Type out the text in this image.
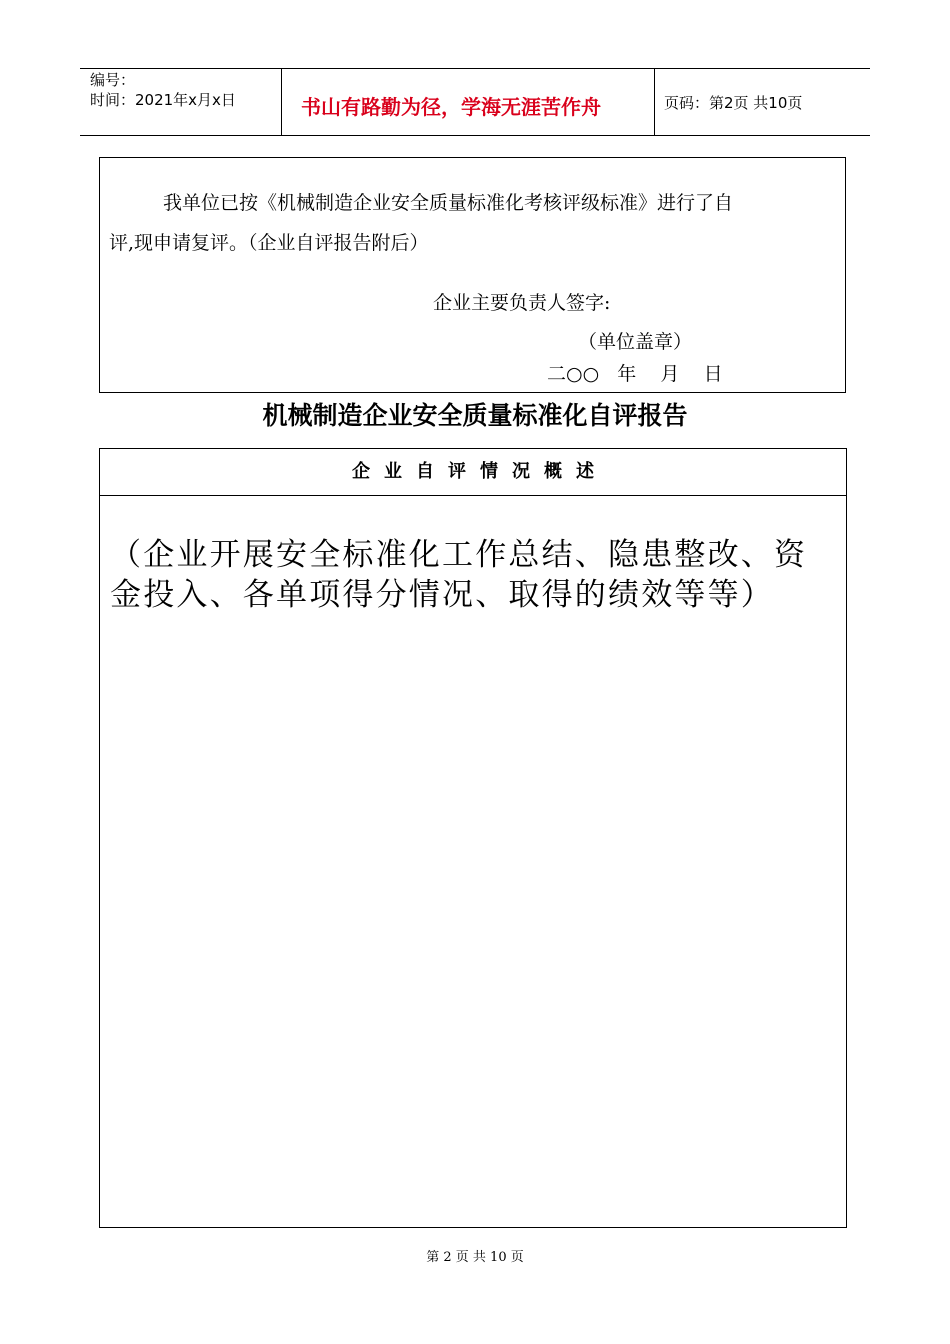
编号：
时间：2021年x月x日	书山有路勤为径，学海无涯苦作舟	页码：第2页 共10页
我单位已按《机械制造企业安全质量标准化考核评级标准》进行了自
评,现申请复评。（企业自评报告附后）
企业主要负责人签字:
（单位盖章）
二○○   年    月    日
机械制造企业安全质量标准化自评报告
企业自评情况概述
（企业开展安全标准化工作总结、隐患整改、资金投入、各单项得分情况、取得的绩效等等）
第 2 页 共 10 页
